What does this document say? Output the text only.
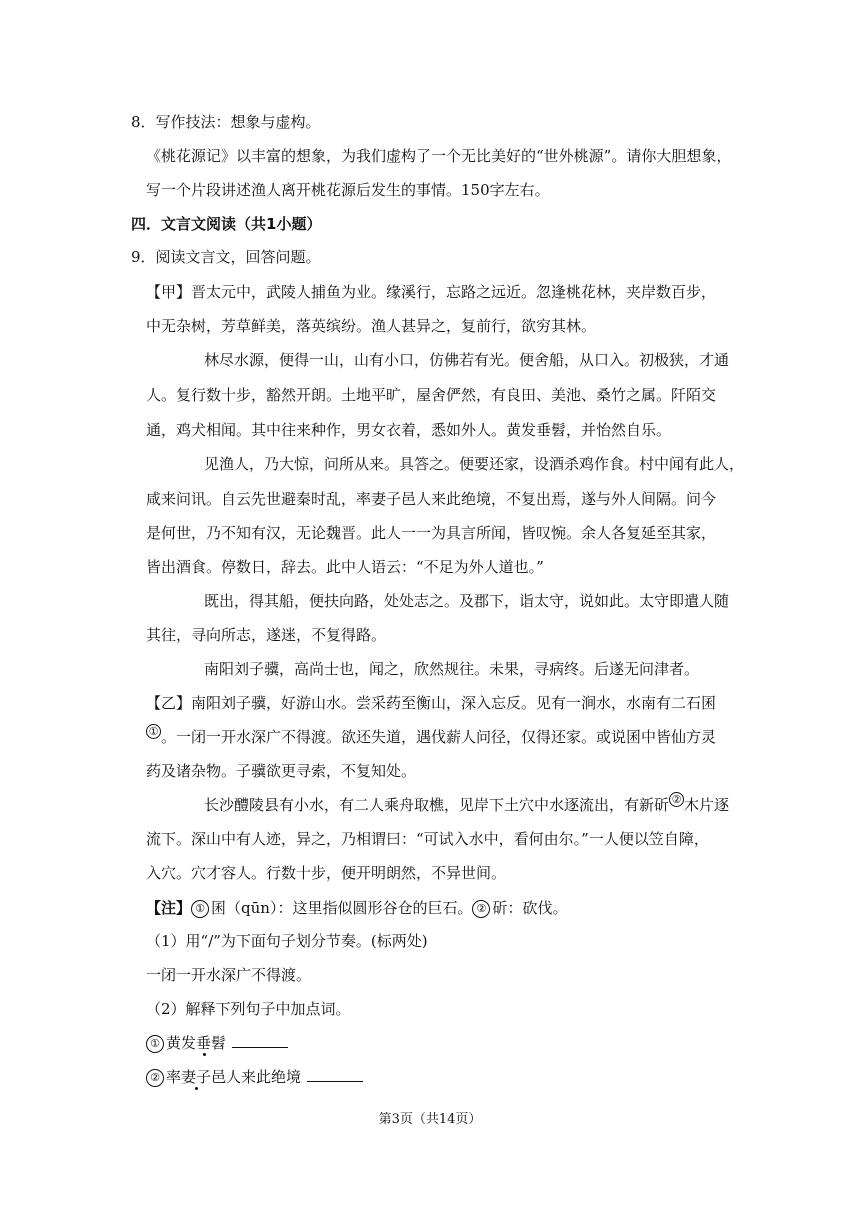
8．写作技法：想象与虚构。
《桃花源记》以丰富的想象，为我们虚构了一个无比美好的“世外桃源”。请你大胆想象，
写一个片段讲述渔人离开桃花源后发生的事情。150字左右。
四．文言文阅读（共1小题）
9．阅读文言文，回答问题。
【甲】晋太元中，武陵人捕鱼为业。缘溪行，忘路之远近。忽逢桃花林，夹岸数百步，
中无杂树，芳草鲜美，落英缤纷。渔人甚异之，复前行，欲穷其林。
林尽水源，便得一山，山有小口，仿佛若有光。便舍船，从口入。初极狭，才通
人。复行数十步，豁然开朗。土地平旷，屋舍俨然，有良田、美池、桑竹之属。阡陌交
通，鸡犬相闻。其中往来种作，男女衣着，悉如外人。黄发垂髫，并怡然自乐。
见渔人，乃大惊，问所从来。具答之。便要还家，设酒杀鸡作食。村中闻有此人，
咸来问讯。自云先世避秦时乱，率妻子邑人来此绝境，不复出焉，遂与外人间隔。问今
是何世，乃不知有汉，无论魏晋。此人一一为具言所闻，皆叹惋。余人各复延至其家，
皆出酒食。停数日，辞去。此中人语云：“不足为外人道也。”
既出，得其船，便扶向路，处处志之。及郡下，诣太守，说如此。太守即遣人随
其往，寻向所志，遂迷，不复得路。
南阳刘子骥，高尚士也，闻之，欣然规往。未果，寻病终。后遂无问津者。
【乙】南阳刘子骥，好游山水。尝采药至衡山，深入忘反。见有一涧水，水南有二石囷
① 。一闭一开水深广不得渡。欲还失道，遇伐薪人问径，仅得还家。或说囷中皆仙方灵
药及诸杂物。子骥欲更寻索，不复知处。
长沙醴陵县有小水，有二人乘舟取樵，见岸下土穴中水逐流出，有新斫 ② 木片逐
流下。深山中有人迹，异之，乃相谓曰：“可试入水中，看何由尔。”一人便以笠自障，
入穴。穴才容人。行数十步，便开明朗然，不异世间。
【注】 ① 囷（qūn）：这里指似圆形谷仓的巨石。 ② 斫：砍伐。
（1）用“/”为下面句子划分节奏。(标两处)
一闭一开水深广不得渡。
（2）解释下列句子中加点词。
① 黄发垂髫
② 率妻子邑人来此绝境
第3页（共14页）
